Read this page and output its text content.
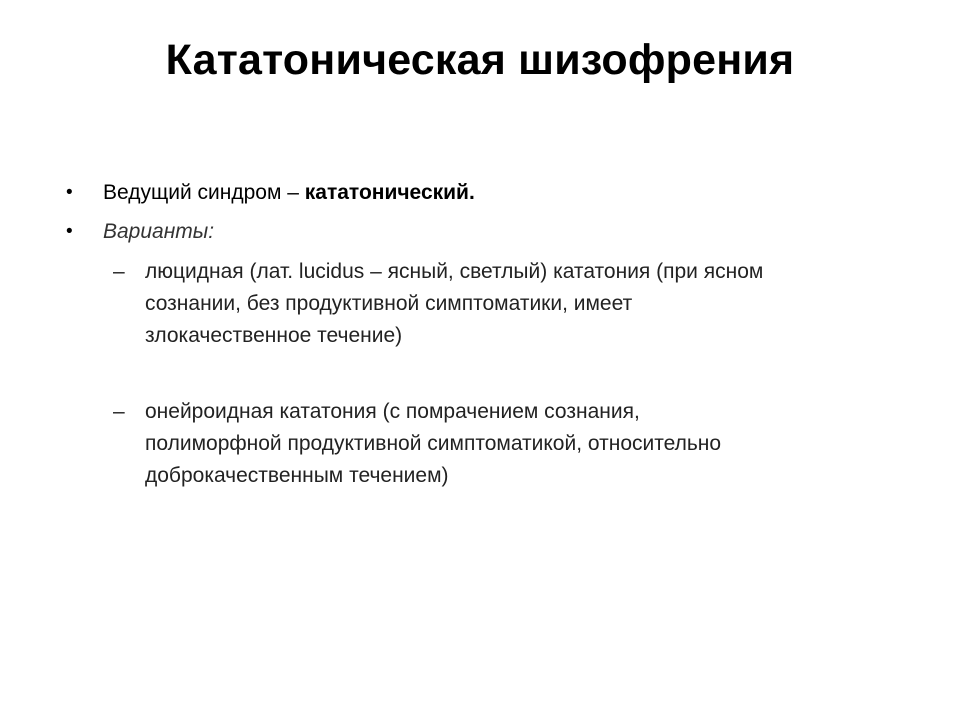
Кататоническая шизофрения
• Ведущий синдром – кататонический.
• Варианты:
– люцидная (лат. lucidus – ясный, светлый) кататония (при ясном
сознании, без продуктивной симптоматики, имеет
злокачественное течение)
– онейроидная кататония (с помрачением сознания,
полиморфной продуктивной симптоматикой, относительно
доброкачественным течением)
